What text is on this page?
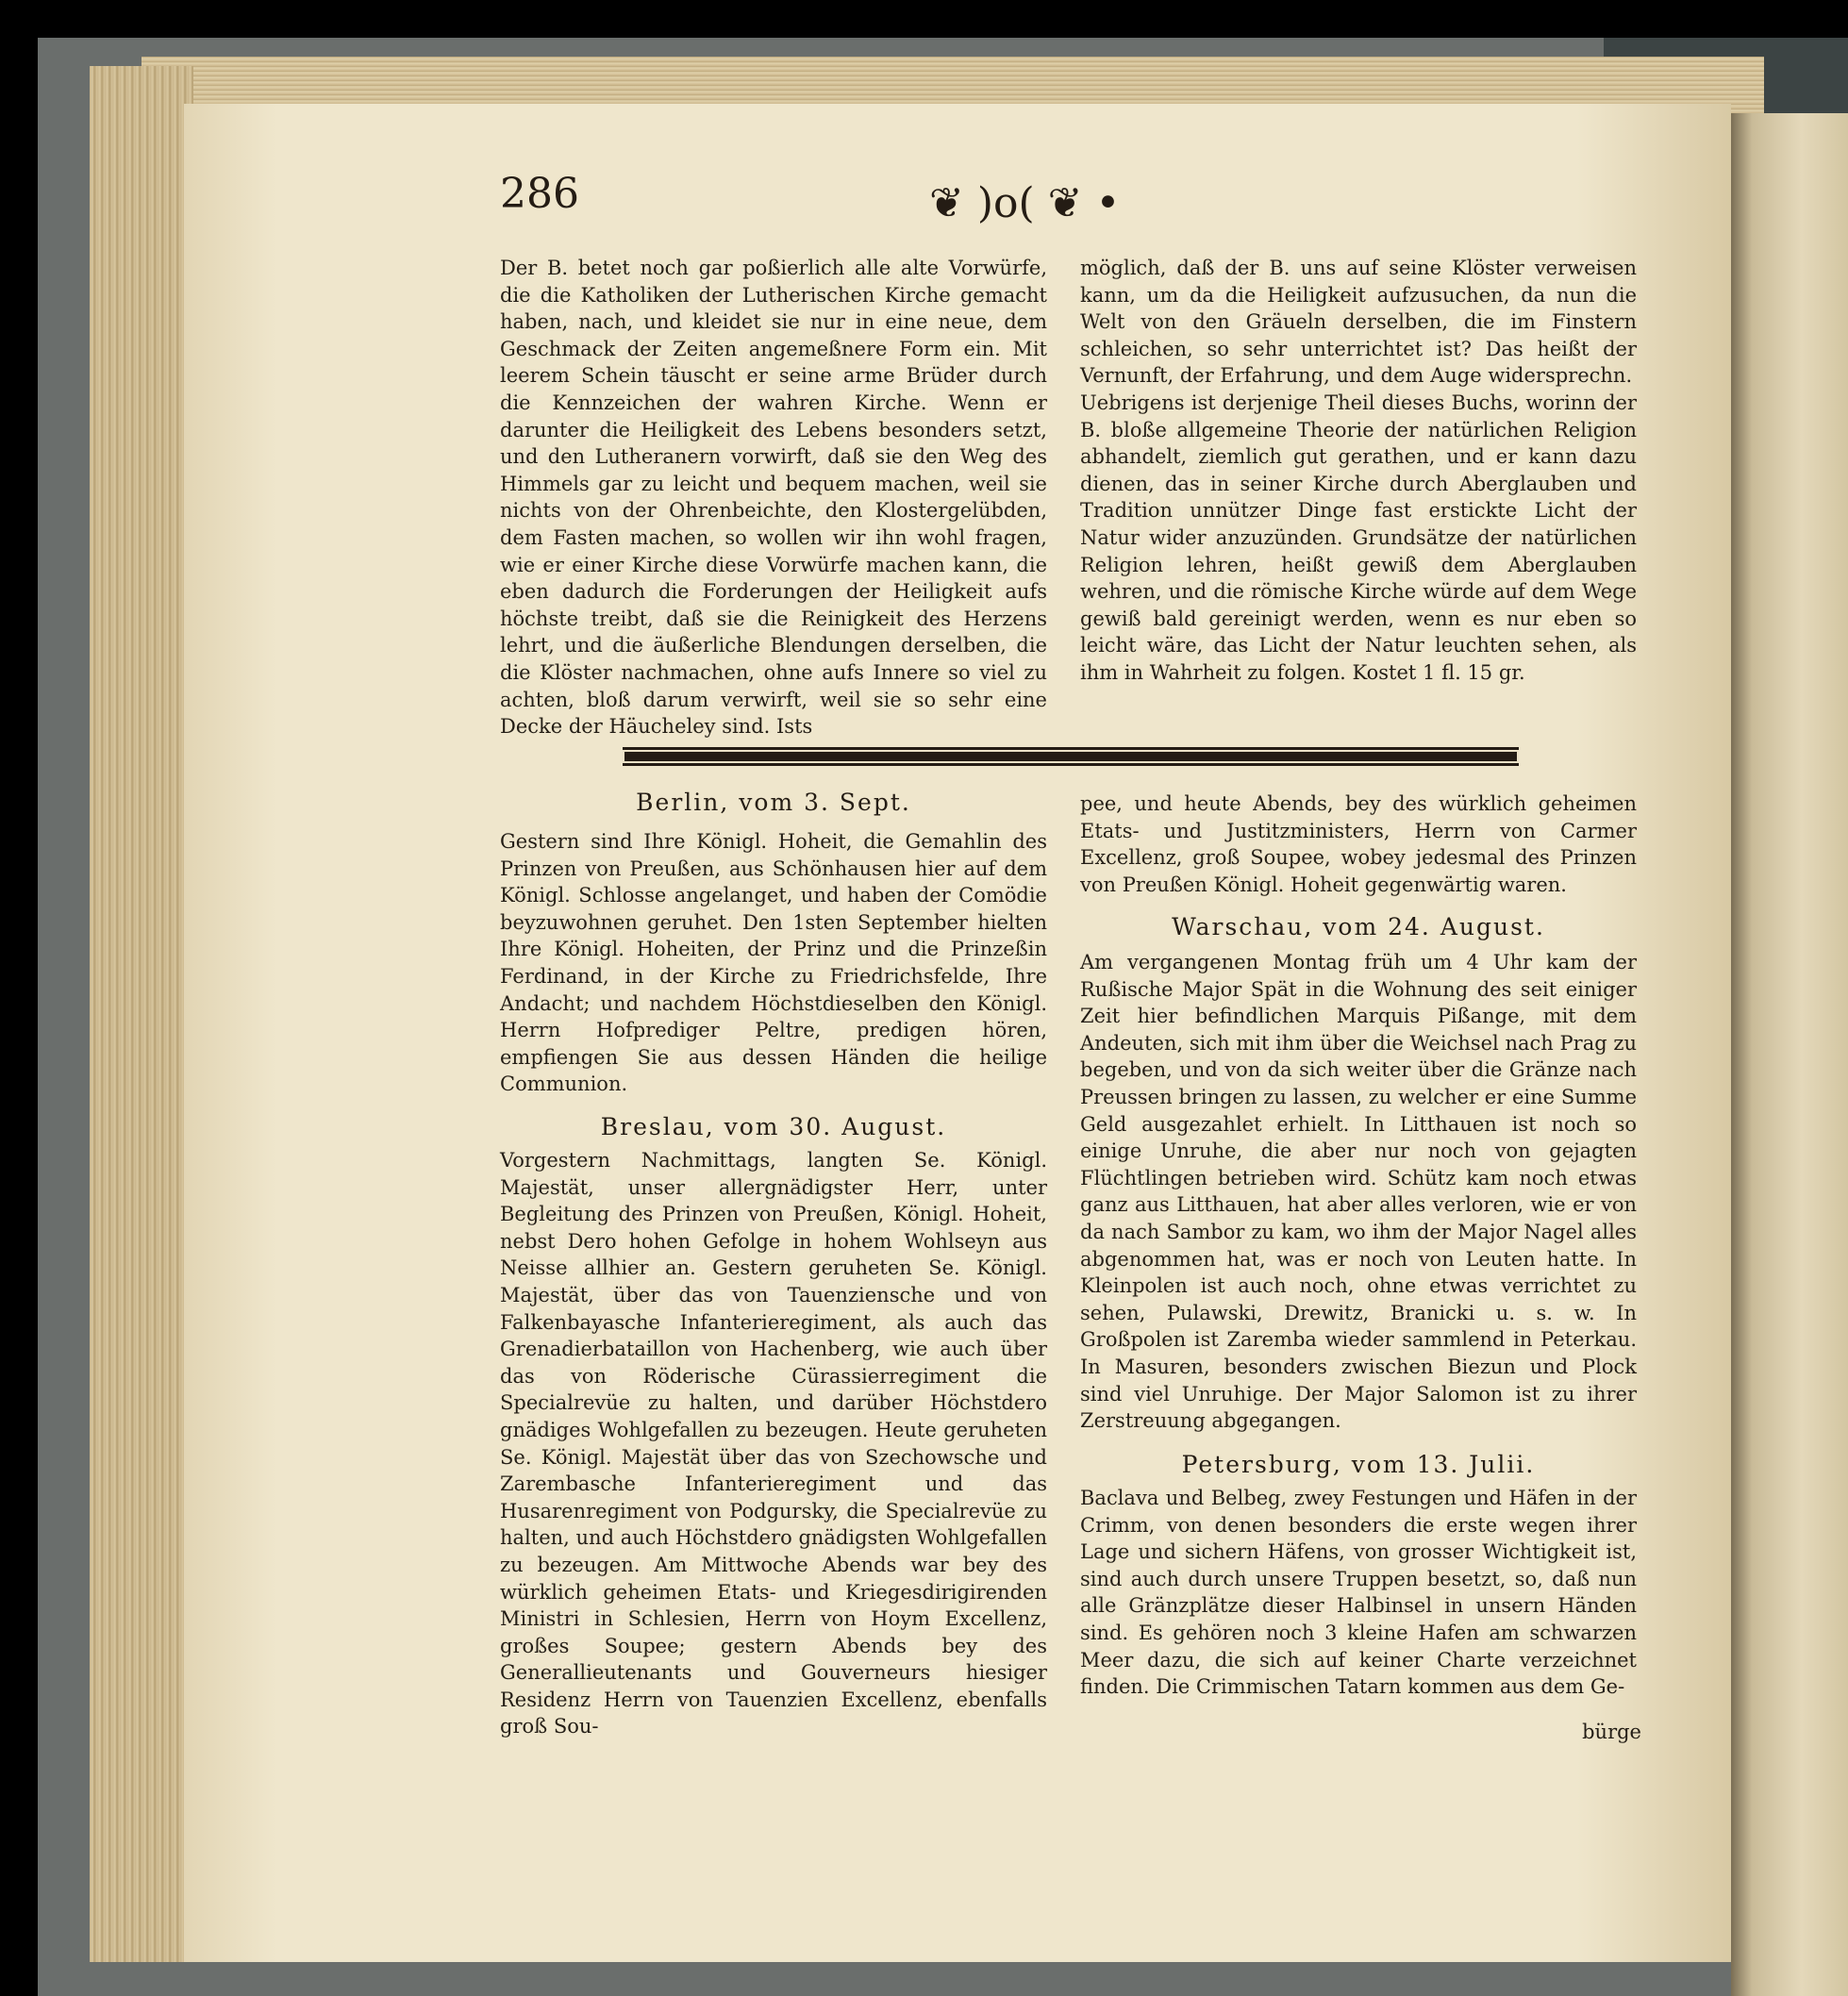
286	❦ )o( ❦ •
Der B. betet noch gar poßierlich alle alte Vorwürfe, die die Katholiken der Lutherischen Kirche gemacht haben, nach, und kleidet sie nur in eine neue, dem Geschmack der Zeiten angemeßnere Form ein. Mit leerem Schein täuscht er seine arme Brüder durch die Kennzeichen der wahren Kirche. Wenn er darunter die Heiligkeit des Lebens besonders setzt, und den Lutheranern vorwirft, daß sie den Weg des Himmels gar zu leicht und bequem machen, weil sie nichts von der Ohrenbeichte, den Klostergelübden, dem Fasten machen, so wollen wir ihn wohl fragen, wie er einer Kirche diese Vorwürfe machen kann, die eben dadurch die Forderungen der Heiligkeit aufs höchste treibt, daß sie die Reinigkeit des Herzens lehrt, und die äußerliche Blendungen derselben, die die Klöster nachmachen, ohne aufs Innere so viel zu achten, bloß darum verwirft, weil sie so sehr eine Decke der Häucheley sind. Ists
möglich, daß der B. uns auf seine Klöster verweisen kann, um da die Heiligkeit aufzusuchen, da nun die Welt von den Gräueln derselben, die im Finstern schleichen, so sehr unterrichtet ist? Das heißt der Vernunft, der Erfahrung, und dem Auge widersprechn.
Uebrigens ist derjenige Theil dieses Buchs, worinn der B. bloße allgemeine Theorie der natürlichen Religion abhandelt, ziemlich gut gerathen, und er kann dazu dienen, das in seiner Kirche durch Aberglauben und Tradition unnützer Dinge fast erstickte Licht der Natur wider anzuzünden. Grundsätze der natürlichen Religion lehren, heißt gewiß dem Aberglauben wehren, und die römische Kirche würde auf dem Wege gewiß bald gereinigt werden, wenn es nur eben so leicht wäre, das Licht der Natur leuchten sehen, als ihm in Wahrheit zu folgen. Kostet 1 fl. 15 gr.
Berlin, vom 3. Sept.
Gestern sind Ihre Königl. Hoheit, die Gemahlin des Prinzen von Preußen, aus Schönhausen hier auf dem Königl. Schlosse angelanget, und haben der Comödie beyzuwohnen geruhet. Den 1sten September hielten Ihre Königl. Hoheiten, der Prinz und die Prinzeßin Ferdinand, in der Kirche zu Friedrichsfelde, Ihre Andacht; und nachdem Höchstdieselben den Königl. Herrn Hofprediger Peltre, predigen hören, empfiengen Sie aus dessen Händen die heilige Communion.
Breslau, vom 30. August.
Vorgestern Nachmittags, langten Se. Königl. Majestät, unser allergnädigster Herr, unter Begleitung des Prinzen von Preußen, Königl. Hoheit, nebst Dero hohen Gefolge in hohem Wohlseyn aus Neisse allhier an. Gestern geruheten Se. Königl. Majestät, über das von Tauenziensche und von Falkenbayasche Infanterieregiment, als auch das Grenadierbataillon von Hachenberg, wie auch über das von Röderische Cürassierregiment die Specialrevüe zu halten, und darüber Höchstdero gnädiges Wohlgefallen zu bezeugen. Heute geruheten Se. Königl. Majestät über das von Szechowsche und Zarembasche Infanterieregiment und das Husarenregiment von Podgursky, die Specialrevüe zu halten, und auch Höchstdero gnädigsten Wohlgefallen zu bezeugen. Am Mittwoche Abends war bey des würklich geheimen Etats- und Kriegesdirigirenden Ministri in Schlesien, Herrn von Hoym Excellenz, großes Soupee; gestern Abends bey des Generallieutenants und Gouverneurs hiesiger Residenz Herrn von Tauenzien Excellenz, ebenfalls groß Sou-
pee, und heute Abends, bey des würklich geheimen Etats- und Justitzministers, Herrn von Carmer Excellenz, groß Soupee, wobey jedesmal des Prinzen von Preußen Königl. Hoheit gegenwärtig waren.
Warschau, vom 24. August.
Am vergangenen Montag früh um 4 Uhr kam der Rußische Major Spät in die Wohnung des seit einiger Zeit hier befindlichen Marquis Pißange, mit dem Andeuten, sich mit ihm über die Weichsel nach Prag zu begeben, und von da sich weiter über die Gränze nach Preussen bringen zu lassen, zu welcher er eine Summe Geld ausgezahlet erhielt. In Litthauen ist noch so einige Unruhe, die aber nur noch von gejagten Flüchtlingen betrieben wird. Schütz kam noch etwas ganz aus Litthauen, hat aber alles verloren, wie er von da nach Sambor zu kam, wo ihm der Major Nagel alles abgenommen hat, was er noch von Leuten hatte. In Kleinpolen ist auch noch, ohne etwas verrichtet zu sehen, Pulawski, Drewitz, Branicki u. s. w. In Großpolen ist Zaremba wieder sammlend in Peterkau. In Masuren, besonders zwischen Biezun und Plock sind viel Unruhige. Der Major Salomon ist zu ihrer Zerstreuung abgegangen.
Petersburg, vom 13. Julii.
Baclava und Belbeg, zwey Festungen und Häfen in der Crimm, von denen besonders die erste wegen ihrer Lage und sichern Häfens, von grosser Wichtigkeit ist, sind auch durch unsere Truppen besetzt, so, daß nun alle Gränzplätze dieser Halbinsel in unsern Händen sind. Es gehören noch 3 kleine Hafen am schwarzen Meer dazu, die sich auf keiner Charte verzeichnet finden. Die Crimmischen Tatarn kommen aus dem Ge-
bürge
